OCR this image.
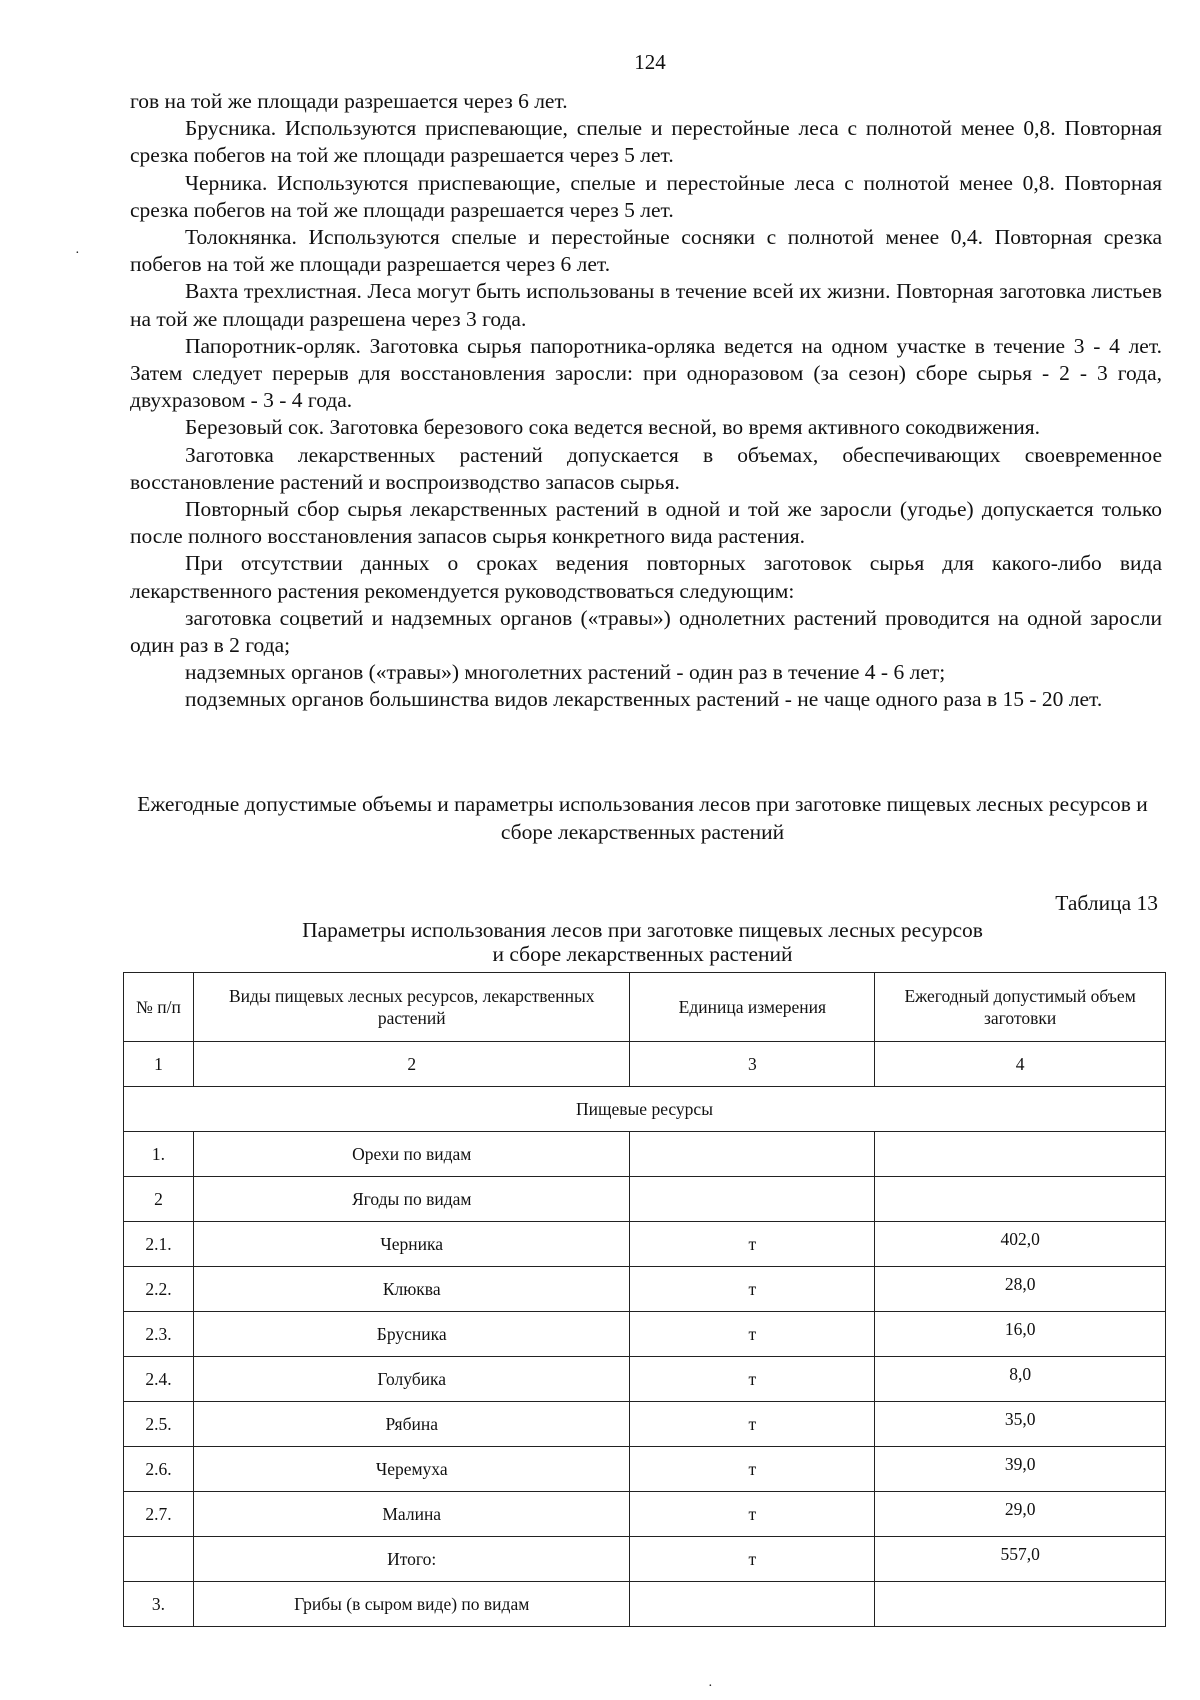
124

гов на той же площади разрешается через 6 лет.

Брусника. Используются приспевающие, спелые и перестойные леса с полнотой менее 0,8. Повторная срезка побегов на той же площади разрешается через 5 лет.

Черника. Используются приспевающие, спелые и перестойные леса с полнотой менее 0,8. Повторная срезка побегов на той же площади разрешается через 5 лет.

Толокнянка. Используются спелые и перестойные сосняки с полнотой менее 0,4. Повторная срезка побегов на той же площади разрешается через 6 лет.

Вахта трехлистная. Леса могут быть использованы в течение всей их жизни. Повторная заготовка листьев на той же площади разрешена через 3 года.

Папоротник-орляк. Заготовка сырья папоротника-орляка ведется на одном участке в течение 3 - 4 лет. Затем следует перерыв для восстановления заросли: при одноразовом (за сезон) сборе сырья - 2 - 3 года, двухразовом - 3 - 4 года.

Березовый сок. Заготовка березового сока ведется весной, во время активного сокодвижения.

Заготовка лекарственных растений допускается в объемах, обеспечивающих своевременное восстановление растений и воспроизводство запасов сырья.

Повторный сбор сырья лекарственных растений в одной и той же заросли (угодье) допускается только после полного восстановления запасов сырья конкретного вида растения.

При отсутствии данных о сроках ведения повторных заготовок сырья для какого-либо вида лекарственного растения рекомендуется руководствоваться следующим:

заготовка соцветий и надземных органов («травы») однолетних растений проводится на одной заросли один раз в 2 года;

надземных органов («травы») многолетних растений - один раз в течение 4 - 6 лет;

подземных органов большинства видов лекарственных растений - не чаще одного раза в 15 - 20 лет.

Ежегодные допустимые объемы и параметры использования лесов при заготовке пищевых лесных ресурсов и сборе лекарственных растений
Таблица 13
Параметры использования лесов при заготовке пищевых лесных ресурсов
и сборе лекарственных растений
№ п/п	Виды пищевых лесных ресурсов, лекарственных растений	Единица измерения	Ежегодный допустимый объем заготовки
1	2	3	4
Пищевые ресурсы			
1.	Орехи по видам		
2	Ягоды по видам		
2.1.	Черника	т	402,0
2.2.	Клюква	т	28,0
2.3.	Брусника	т	16,0
2.4.	Голубика	т	8,0
2.5.	Рябина	т	35,0
2.6.	Черемуха	т	39,0
2.7.	Малина	т	29,0
	Итого:	т	557,0
3.	Грибы (в сыром виде) по видам		
·
·
